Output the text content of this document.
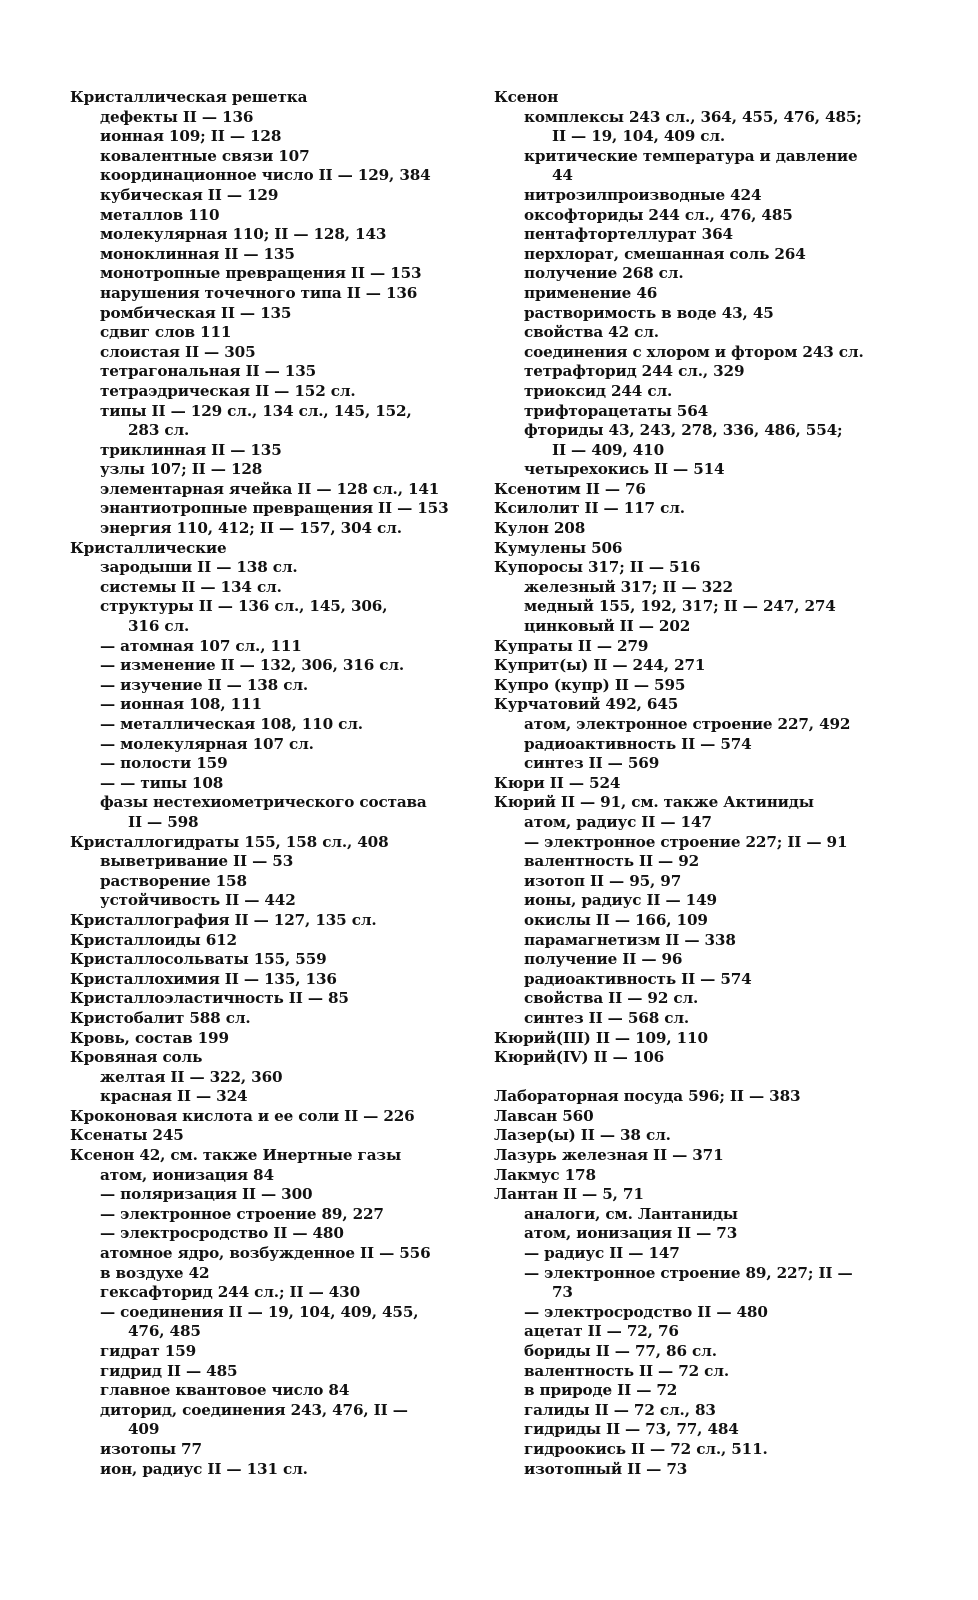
Кристаллическая решетка
дефекты II — 136
ионная 109; II — 128
ковалентные связи 107
координационное число II — 129, 384
кубическая II — 129
металлов 110
молекулярная 110; II — 128, 143
моноклинная II — 135
монотропные превращения II — 153
нарушения точечного типа II — 136
ромбическая II — 135
сдвиг слов 111
слоистая II — 305
тетрагональная II — 135
тетраэдрическая II — 152 сл.
типы II — 129 сл., 134 сл., 145, 152,
283 сл.
триклинная II — 135
узлы 107; II — 128
элементарная ячейка II — 128 сл., 141
энантиотропные превращения II — 153
энергия 110, 412; II — 157, 304 сл.
Кристаллические
зародыши II — 138 сл.
системы II — 134 сл.
структуры II — 136 сл., 145, 306,
316 сл.
— атомная 107 сл., 111
— изменение II — 132, 306, 316 сл.
— изучение II — 138 сл.
— ионная 108, 111
— металлическая 108, 110 сл.
— молекулярная 107 сл.
— полости 159
— — типы 108
фазы нестехиометрического состава
II — 598
Кристаллогидраты 155, 158 сл., 408
выветривание II — 53
растворение 158
устойчивость II — 442
Кристаллография II — 127, 135 сл.
Кристаллоиды 612
Кристаллосольваты 155, 559
Кристаллохимия II — 135, 136
Кристаллоэластичность II — 85
Кристобалит 588 сл.
Кровь, состав 199
Кровяная соль
желтая II — 322, 360
красная II — 324
Кроконовая кислота и ее соли II — 226
Ксенаты 245
Ксенон 42, см. также Инертные газы
атом, ионизация 84
— поляризация II — 300
— электронное строение 89, 227
— электросродство II — 480
атомное ядро, возбужденное II — 556
в воздухе 42
гексафторид 244 сл.; II — 430
— соединения II — 19, 104, 409, 455,
476, 485
гидрат 159
гидрид II — 485
главное квантовое число 84
диторид, соединения 243, 476, II —
409
изотопы 77
ион, радиус II — 131 сл.
Ксенон
комплексы 243 сл., 364, 455, 476, 485;
II — 19, 104, 409 сл.
критические температура и давление
44
нитрозилпроизводные 424
оксофториды 244 сл., 476, 485
пентафтортеллурат 364
перхлорат, смешанная соль 264
получение 268 сл.
применение 46
растворимость в воде 43, 45
свойства 42 сл.
соединения с хлором и фтором 243 сл.
тетрафторид 244 сл., 329
триоксид 244 сл.
трифторацетаты 564
фториды 43, 243, 278, 336, 486, 554;
II — 409, 410
четырехокись II — 514
Ксенотим II — 76
Ксилолит II — 117 сл.
Кулон 208
Кумулены 506
Купоросы 317; II — 516
железный 317; II — 322
медный 155, 192, 317; II — 247, 274
цинковый II — 202
Купраты II — 279
Куприт(ы) II — 244, 271
Купро (купр) II — 595
Курчатовий 492, 645
атом, электронное строение 227, 492
радиоактивность II — 574
синтез II — 569
Кюри II — 524
Кюрий II — 91, см. также Актиниды
атом, радиус II — 147
— электронное строение 227; II — 91
валентность II — 92
изотоп II — 95, 97
ионы, радиус II — 149
окислы II — 166, 109
парамагнетизм II — 338
получение II — 96
радиоактивность II — 574
свойства II — 92 сл.
синтез II — 568 сл.
Кюрий(III) II — 109, 110
Кюрий(IV) II — 106
Лабораторная посуда 596; II — 383
Лавсан 560
Лазер(ы) II — 38 сл.
Лазурь железная II — 371
Лакмус 178
Лантан II — 5, 71
аналоги, см. Лантаниды
атом, ионизация II — 73
— радиус II — 147
— электронное строение 89, 227; II —
73
— электросродство II — 480
ацетат II — 72, 76
бориды II — 77, 86 сл.
валентность II — 72 сл.
в природе II — 72
галиды II — 72 сл., 83
гидриды II — 73, 77, 484
гидроокись II — 72 сл., 511.
изотопный II — 73
